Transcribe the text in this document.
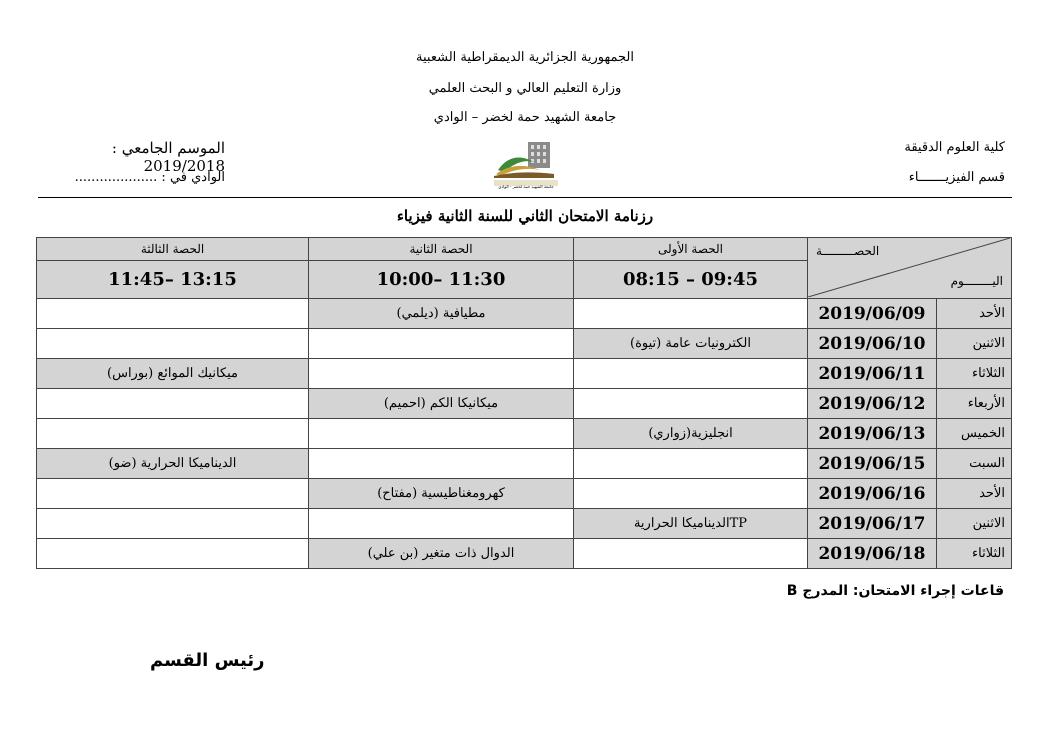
الجمهورية الجزائرية الديمقراطية الشعبية
وزارة التعليم العالي و البحث العلمي
جامعة الشهيد حمة لخضر – الوادي
كلية العلوم الدقيقة
قسم الفيزيـــــــاء
الموسم الجامعي : 2019/2018
الوادي في : ....................
جامعة الشهيد حمة لخضر - الوادي
رزنامة الامتحان الثاني للسنة الثانية فيزياء
الحصـــــــــة
اليــــــــوم		الحصة الأولى	الحصة الثانية	الحصة الثالثة
		08:15 – 09:45	10:00– 11:30	11:45– 13:15
الأحد	2019/06/09		مطيافية (ديلمي)	
الاثنين	2019/06/10	الكترونيات عامة (تيوة)		
الثلاثاء	2019/06/11			ميكانيك الموائع (بوراس)
الأربعاء	2019/06/12		ميكانيكا الكم (احميم)	
الخميس	2019/06/13	انجليزية(زواري)		
السبت	2019/06/15			الديناميكا الحرارية (ضو)
الأحد	2019/06/16		كهرومغناطيسية (مفتاح)	
الاثنين	2019/06/17	TPالديناميكا الحرارية		
الثلاثاء	2019/06/18		الدوال ذات متغير (بن علي)	
قاعات إجراء الامتحان: المدرج B
رئيس القسم
